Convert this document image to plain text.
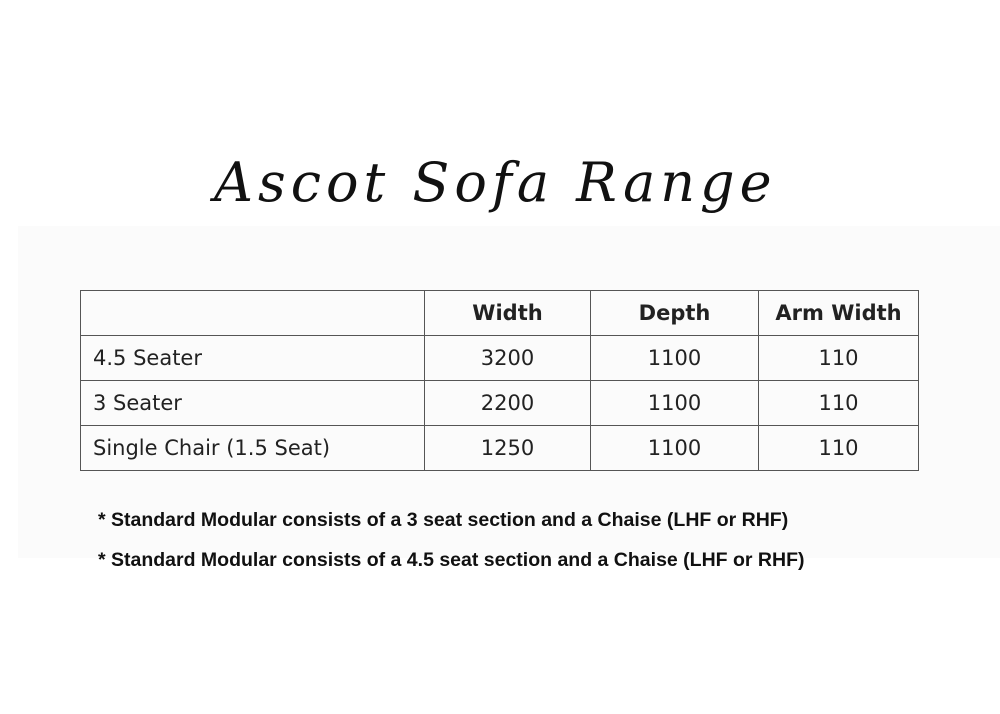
Ascot Sofa Range
	Width	Depth	Arm Width
4.5 Seater	3200	1100	110
3 Seater	2200	1100	110
Single Chair (1.5 Seat)	1250	1100	110
* Standard Modular consists of a 3 seat section and a Chaise (LHF or RHF)
* Standard Modular consists of a 4.5 seat section and a Chaise (LHF or RHF)
